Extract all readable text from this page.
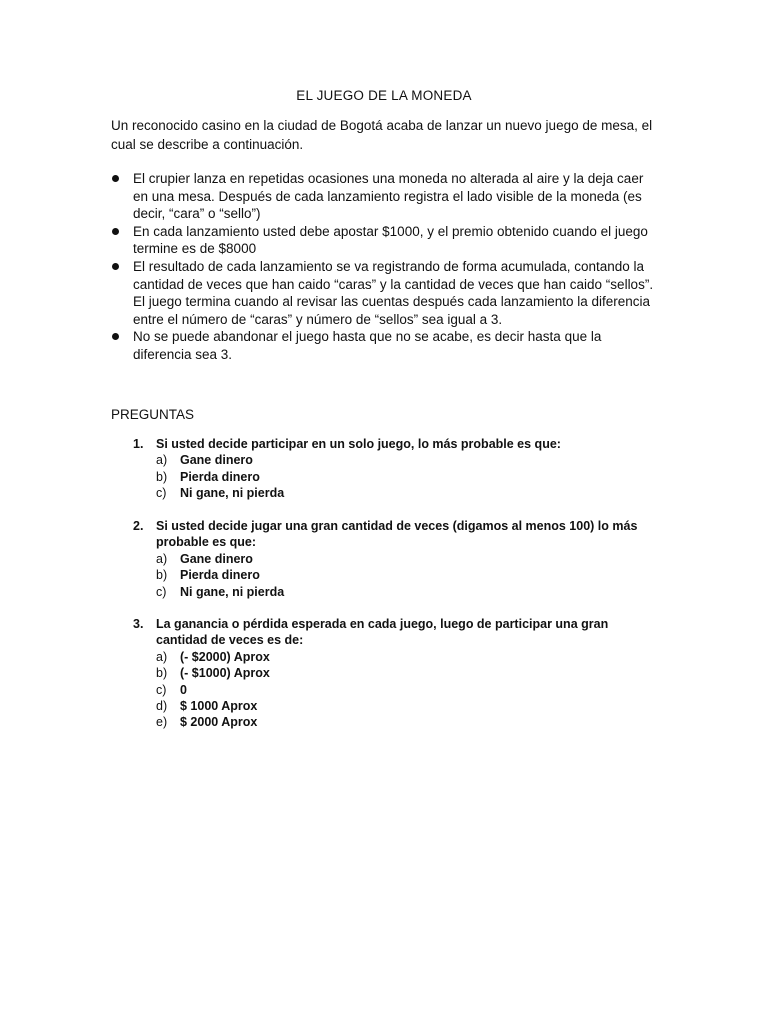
EL JUEGO DE LA MONEDA

Un reconocido casino en la ciudad de Bogotá acaba de lanzar un nuevo juego de mesa, el cual se describe a continuación.

El crupier lanza en repetidas ocasiones una moneda no alterada al aire y la deja caer en una mesa. Después de cada lanzamiento registra el lado visible de la moneda (es decir, “cara” o “sello”)
En cada lanzamiento usted debe apostar $1000, y el premio obtenido cuando el juego termine es de $8000
El resultado de cada lanzamiento se va registrando de forma acumulada, contando la cantidad de veces que han caido “caras” y la cantidad de veces que han caido “sellos”. El juego termina cuando al revisar las cuentas después cada lanzamiento la diferencia entre el número de “caras” y número de “sellos” sea igual a 3.
No se puede abandonar el juego hasta que no se acabe, es decir hasta que la diferencia sea 3.
PREGUNTAS
1. Si usted decide participar en un solo juego, lo más probable es que:
a) Gane dinero
b) Pierda dinero
c) Ni gane, ni pierda
2. Si usted decide jugar una gran cantidad de veces (digamos al menos 100) lo más probable es que:
a) Gane dinero
b) Pierda dinero
c) Ni gane, ni pierda
3. La ganancia o pérdida esperada en cada juego, luego de participar una gran cantidad de veces es de:
a) (- $2000) Aprox
b) (- $1000) Aprox
c) 0
d) $ 1000 Aprox
e) $ 2000 Aprox
